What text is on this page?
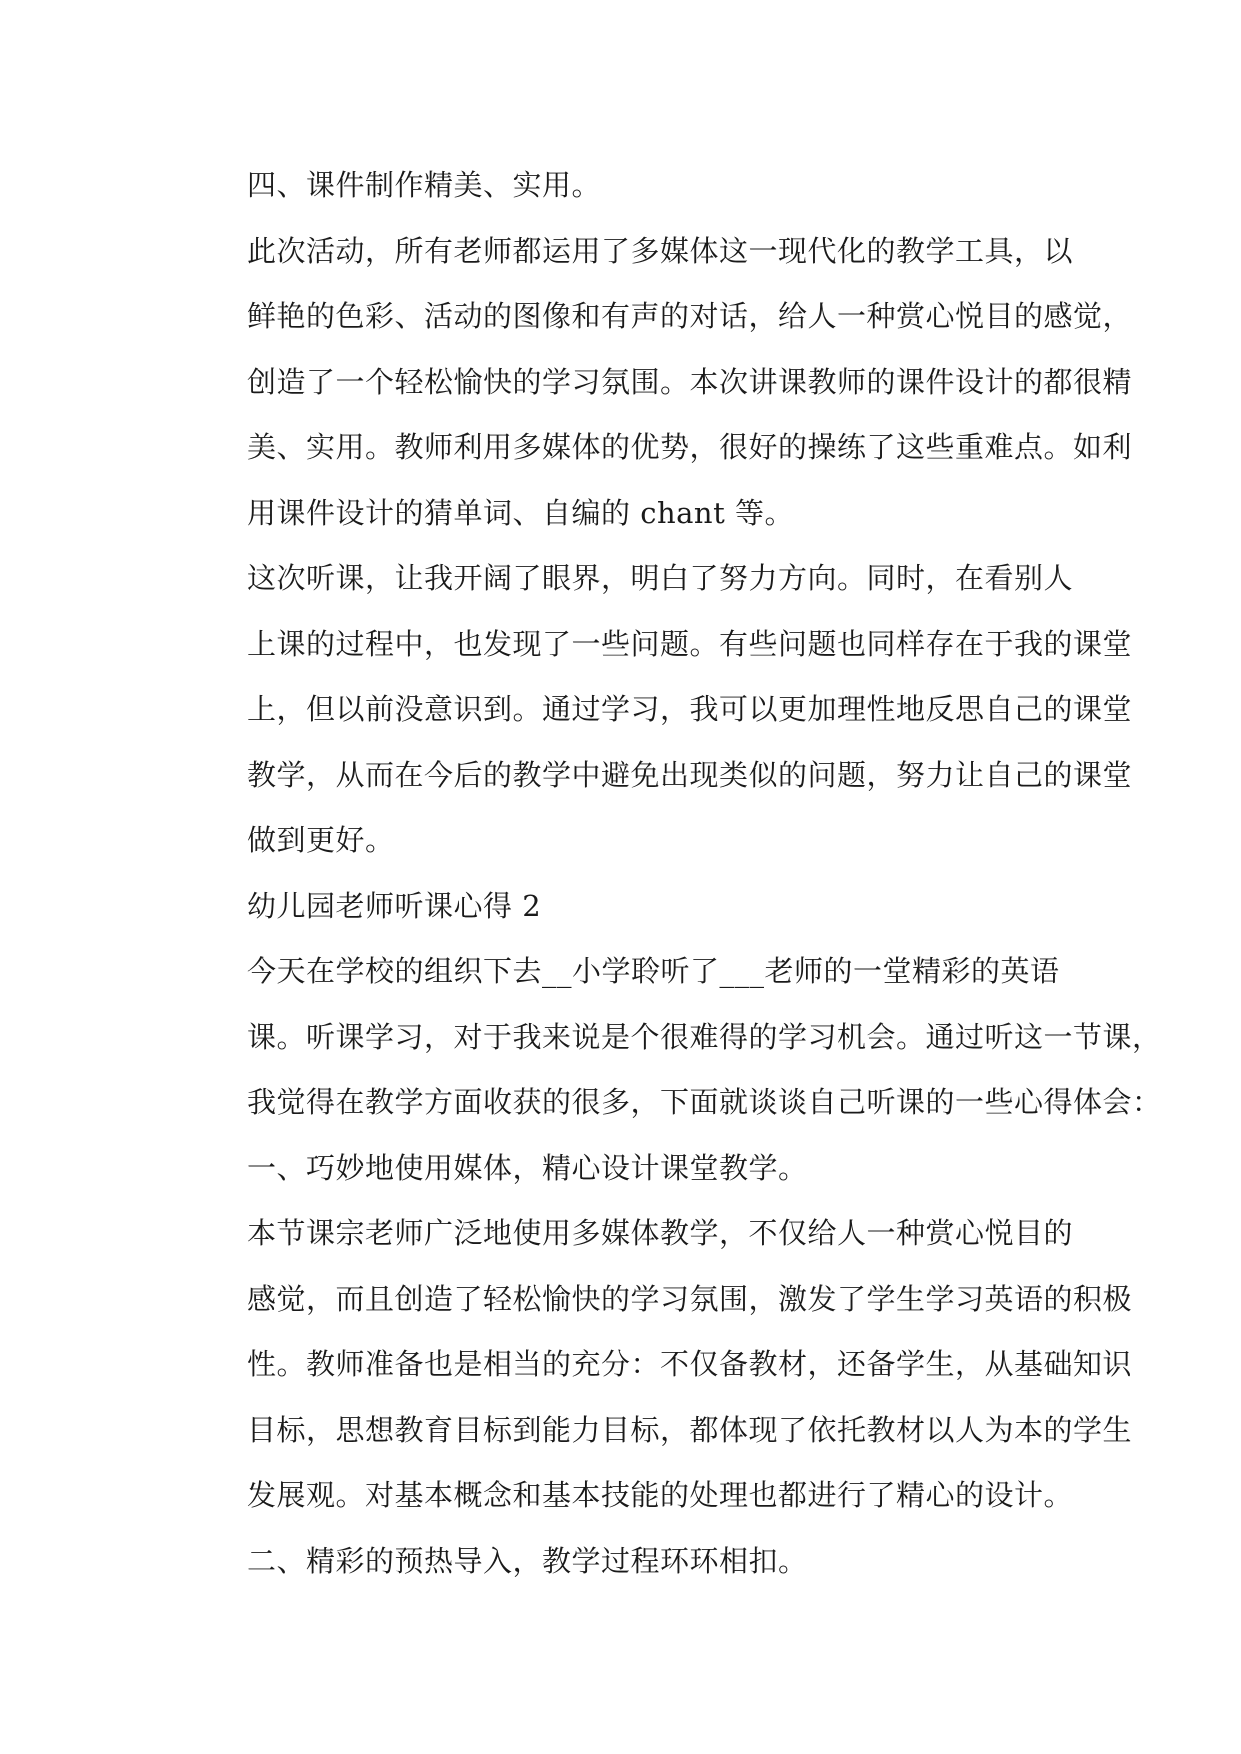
四、课件制作精美、实用。

此次活动，所有老师都运用了多媒体这一现代化的教学工具，以
鲜艳的色彩、活动的图像和有声的对话，给人一种赏心悦目的感觉，
创造了一个轻松愉快的学习氛围。本次讲课教师的课件设计的都很精
美、实用。教师利用多媒体的优势，很好的操练了这些重难点。如利
用课件设计的猜单词、自编的 chant 等。

这次听课，让我开阔了眼界，明白了努力方向。同时，在看别人
上课的过程中，也发现了一些问题。有些问题也同样存在于我的课堂
上，但以前没意识到。通过学习，我可以更加理性地反思自己的课堂
教学，从而在今后的教学中避免出现类似的问题，努力让自己的课堂
做到更好。

幼儿园老师听课心得 2

今天在学校的组织下去__小学聆听了___老师的一堂精彩的英语
课。听课学习，对于我来说是个很难得的学习机会。通过听这一节课，
我觉得在教学方面收获的很多，下面就谈谈自己听课的一些心得体会：

一、巧妙地使用媒体，精心设计课堂教学。

本节课宗老师广泛地使用多媒体教学，不仅给人一种赏心悦目的
感觉，而且创造了轻松愉快的学习氛围，激发了学生学习英语的积极
性。教师准备也是相当的充分：不仅备教材，还备学生，从基础知识
目标，思想教育目标到能力目标，都体现了依托教材以人为本的学生
发展观。对基本概念和基本技能的处理也都进行了精心的设计。

二、精彩的预热导入，教学过程环环相扣。
